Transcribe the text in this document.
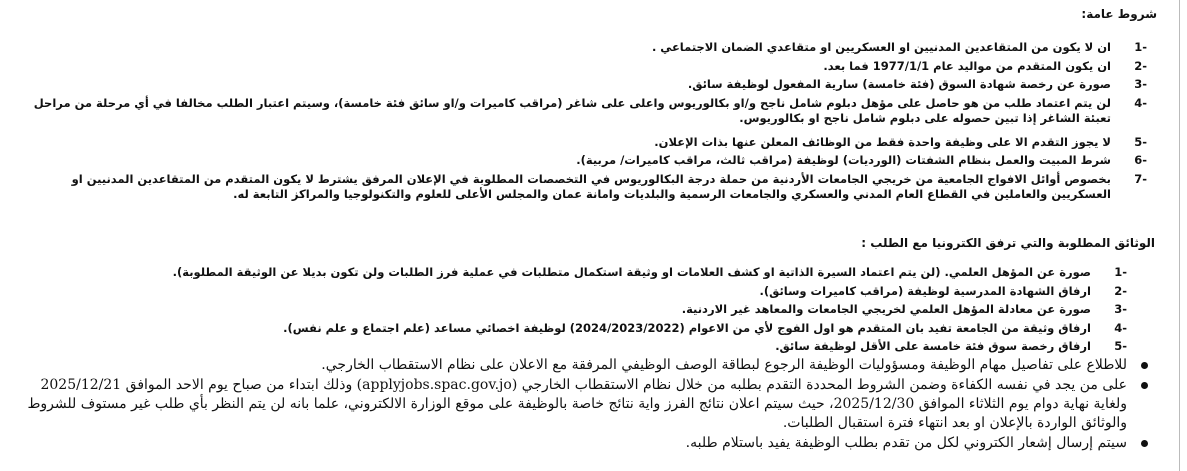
شروط عامة:
-1
ان لا يكون من المتقاعدين المدنيين او العسكريين او متقاعدي الضمان الاجتماعي .
-2
ان يكون المتقدم من مواليد عام 1977/1/1 فما بعد.
-3
صورة عن رخصة شهادة السوق (فئة خامسة) سارية المفعول لوظيفة سائق.
-4
لن يتم اعتماد طلب من هو حاصل على مؤهل دبلوم شامل ناجح و/او بكالوريوس واعلى على شاغر (مراقب كاميرات و/او سائق فئة خامسة)، وسيتم اعتبار الطلب مخالفا في أي مرحلة من مراحل تعبئة الشاغر إذا تبين حصوله على دبلوم شامل ناجح او بكالوريوس.
-5
لا يجوز التقدم الا على وظيفة واحدة فقط من الوظائف المعلن عنها بذات الإعلان.
-6
شرط المبيت والعمل بنظام الشفتات (الورديات) لوظيفة (مراقب ثالث، مراقب كاميرات/ مربية).
-7
بخصوص أوائل الافواج الجامعية من خريجي الجامعات الأردنية من حملة درجة البكالوريوس في التخصصات المطلوبة في الإعلان المرفق يشترط لا يكون المتقدم من المتقاعدين المدنيين او العسكريين والعاملين في القطاع العام المدني والعسكري والجامعات الرسمية والبلديات وامانة عمان والمجلس الأعلى للعلوم والتكنولوجيا والمراكز التابعة له.
الوثائق المطلوبة والتي ترفق الكترونيا مع الطلب :
-1
صورة عن المؤهل العلمي. (لن يتم اعتماد السيرة الذاتية او كشف العلامات او وثيقة استكمال متطلبات في عملية فرز الطلبات ولن تكون بديلا عن الوثيقة المطلوبة).
-2
ارفاق الشهادة المدرسية لوظيفة (مراقب كاميرات وسائق).
-3
صورة عن معادلة المؤهل العلمي لخريجي الجامعات والمعاهد غير الاردنية.
-4
ارفاق وثيقة من الجامعة تفيد بان المتقدم هو اول الفوج لأي من الاعوام (2024/2023/2022) لوظيفة اخصائي مساعد (علم اجتماع و علم نفس).
-5
ارفاق رخصة سوق فئة خامسة على الأقل لوظيفة سائق.
للاطلاع على تفاصيل مهام الوظيفة ومسؤوليات الوظيفة الرجوع لبطاقة الوصف الوظيفي المرفقة مع الاعلان على نظام الاستقطاب الخارجي.
على من يجد في نفسه الكفاءة وضمن الشروط المحددة التقدم بطلبه من خلال نظام الاستقطاب الخارجي (applyjobs.spac.gov.jo) وذلك ابتداء من صباح يوم الاحد الموافق 2025/12/21 ولغاية نهاية دوام يوم الثلاثاء الموافق 2025/12/30، حيث سيتم اعلان نتائج الفرز واية نتائج خاصة بالوظيفة على موقع الوزارة الالكتروني، علما بانه لن يتم النظر بأي طلب غير مستوف للشروط والوثائق الواردة بالإعلان او بعد انتهاء فترة استقبال الطلبات.
سيتم إرسال إشعار الكتروني لكل من تقدم بطلب الوظيفة يفيد باستلام طلبه.
